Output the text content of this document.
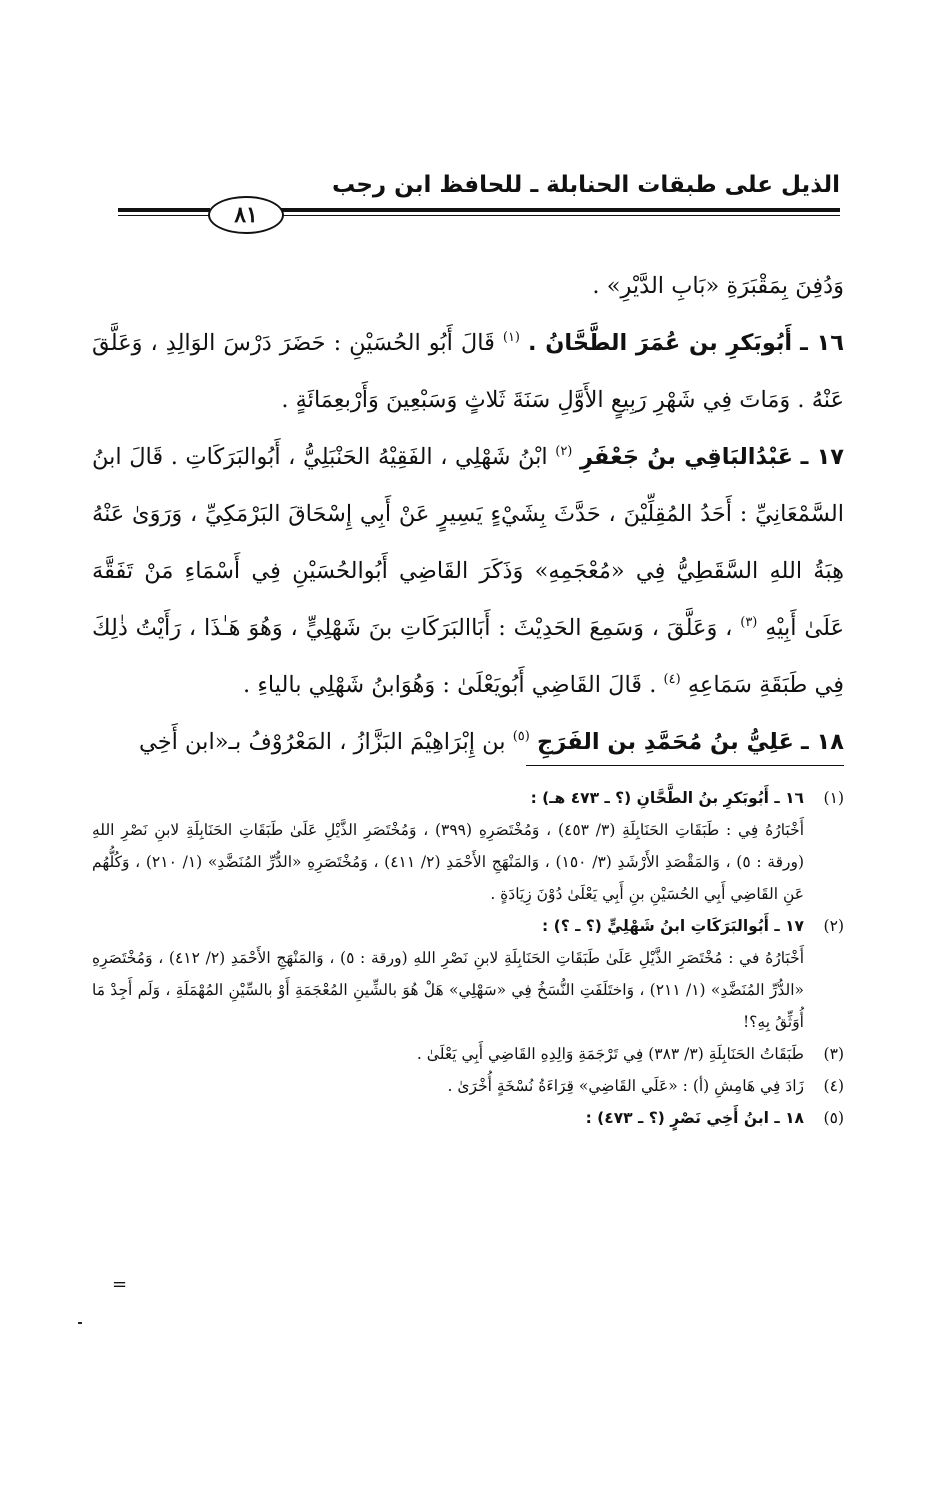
الذيل على طبقات الحنابلة ـ للحافظ ابن رجب
٨١

وَدُفِنَ بِمَقْبَرَةِ «بَابِ الدَّيْرِ» .

١٦ ـ أَبُوبَكرِ بن عُمَرَ الطَّحَّانُ . $^{(١)}$ قَالَ أَبُو الحُسَيْنِ : حَضَرَ دَرْسَ الوَالِدِ ، وَعَلَّقَ عَنْهُ . وَمَاتَ فِي شَهْرِ رَبِيعٍ الأَوَّلِ سَنَةَ ثَلاثٍ وَسَبْعِينَ وَأَرْبعِمَائَةٍ .

١٧ ـ عَبْدُالبَاقِي بنُ جَعْفَرِ $^{(٢)}$ ابْنُ شَهْلِي ، الفَقِيْهُ الحَنْبَلِيُّ ، أَبُوالبَرَكَاتِ . قَالَ ابنُ السَّمْعَانِيِّ : أَحَدُ المُقِلِّيْنَ ، حَدَّثَ بِشَيْءٍ يَسِيرٍ عَنْ أَبِي إِسْحَاقَ البَرْمَكِيِّ ، وَرَوَىٰ عَنْهُ هِبَةُ اللهِ السَّقَطِيُّ فِي «مُعْجَمِهِ» وَذَكَرَ القَاضِي أَبُوالحُسَيْنِ فِي أَسْمَاءِ مَنْ تَفَقَّهَ عَلَىٰ أَبِيْهِ $^{(٣)}$ ، وَعَلَّقَ ، وَسَمِعَ الحَدِيْثَ : أَبَاالبَرَكَاتِ بنَ شَهْلِيٍّ ، وَهُوَ هَـٰذَا ، رَأَيْتُ ذٰلِكَ فِي طَبَقَةِ سَمَاعِهِ $^{(٤)}$ . قَالَ القَاضِي أَبُويَعْلَىٰ : وَهُوَابنُ شَهْلِي بالياءِ .

١٨ ـ عَلِيُّ بنُ مُحَمَّدِ بن الفَرَجِ $^{(٥)}$ بن إِبْرَاهِيْمَ البَزَّازُ ، المَعْرُوْفُ بـ«ابن أَخِي

(١)
١٦ ـ أَبُوبَكرِ بنُ الطَّحَّانِ (؟ ـ ٤٧٣ هـ) :
أَخْبَارُهُ فِي : طَبَقَاتِ الحَنَابِلَةِ (٣/ ٤٥٣) ، وَمُخْتَصَرِهِ (٣٩٩) ، وَمُخْتَصَرِ الذَّيْلِ عَلَىٰ طَبَقَاتِ الحَنَابِلَةِ لابنِ نَصْرِ اللهِ (ورقة : ٥) ، وَالمَقْصَدِ الأَرْشَدِ (٣/ ١٥٠) ، وَالمَنْهَجِ الأَحْمَدِ (٢/ ٤١١) ، وَمُخْتَصَرِهِ «الدُّرِّ المُنَضَّدِ» (١/ ٢١٠) ، وَكُلُّهُم عَنِ القَاضِي أَبِي الحُسَيْنِ بنِ أَبِي يَعْلَىٰ دُوْنَ زِيَادَةٍ .
(٢)
١٧ ـ أَبُوالبَرَكَاتِ ابنُ شَهْلِيٍّ (؟ ـ ؟) :
أَخْبَارُهُ في : مُخْتَصَرِ الذَّيْلِ عَلَىٰ طَبَقَاتِ الحَنَابِلَةِ لابنِ نَصْرِ اللهِ (ورقة : ٥) ، وَالمَنْهَجِ الأَحْمَدِ (٢/ ٤١٢) ، وَمُخْتَصَرِهِ «الدُّرِّ المُنَضَّدِ» (١/ ٢١١) ، وَاختَلَفَتِ النُّسَخُ فِي «سَهْلِي» هَلْ هُوَ بالشِّينِ المُعْجَمَةِ أَوْ بالسِّيْنِ المُهْمَلَةِ ، وَلَم أَجِدْ مَا أُوَثِّقُ بِهِ؟!
(٣)
طَبَقَاتُ الحَنَابِلَةِ (٣/ ٣٨٣) فِي تَرْجَمَةِ وَالِدِهِ القَاضِي أَبِي يَعْلَىٰ .
(٤)
زَادَ فِي هَامِشِ (أ) : «عَلَي القَاضِي» قِرَاءَةُ نُسْخَةٍ أُخْرَىٰ .
(٥)
١٨ ـ ابنُ أَخِي نَصْرٍ (؟ ـ ٤٧٣) :
=
